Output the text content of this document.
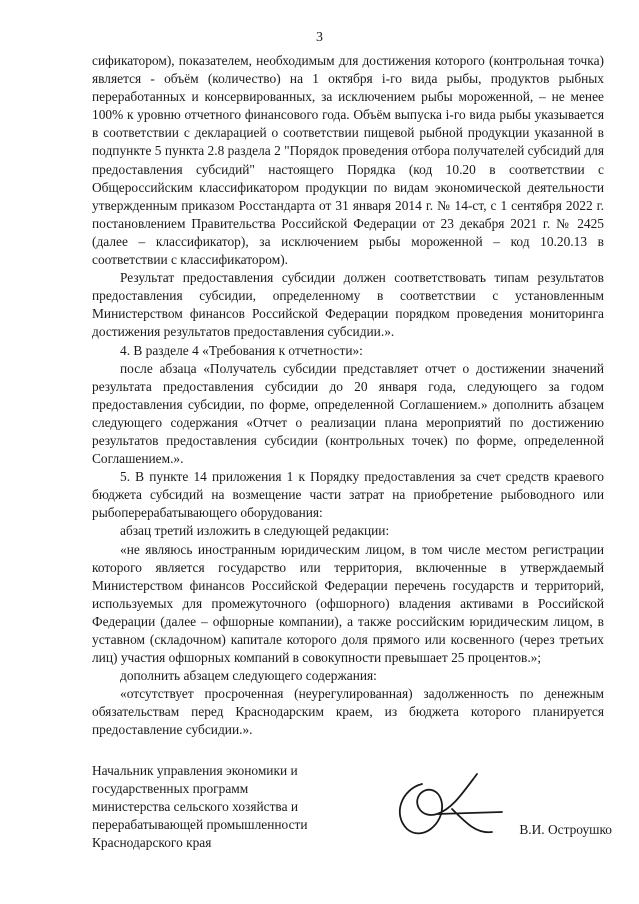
3

сификатором), показателем, необходимым для достижения которого (контрольная точка) является - объём (количество) на 1 октября i-го вида рыбы, продуктов рыбных переработанных и консервированных, за исключением рыбы мороженной, – не менее 100% к уровню отчетного финансового года. Объём выпуска i-го вида рыбы указывается в соответствии с декларацией о соответствии пищевой рыбной продукции указанной в подпункте 5 пункта 2.8 раздела 2 "Порядок проведения отбора получателей субсидий для предоставления субсидий" настоящего Порядка (код 10.20 в соответствии с Общероссийским классификатором продукции по видам экономической деятельности утвержденным приказом Росстандарта от 31 января 2014 г. № 14-ст, с 1 сентября 2022 г. постановлением Правительства Российской Федерации от 23 декабря 2021 г. № 2425 (далее – классификатор), за исключением рыбы мороженной – код 10.20.13 в соответствии с классификатором).

Результат предоставления субсидии должен соответствовать типам результатов предоставления субсидии, определенному в соответствии с установленным Министерством финансов Российской Федерации порядком проведения мониторинга достижения результатов предоставления субсидии.».

4. В разделе 4 «Требования к отчетности»:

после абзаца «Получатель субсидии представляет отчет о достижении значений результата предоставления субсидии до 20 января года, следующего за годом предоставления субсидии, по форме, определенной Соглашением.» дополнить абзацем следующего содержания «Отчет о реализации плана мероприятий по достижению результатов предоставления субсидии (контрольных точек) по форме, определенной Соглашением.».

5. В пункте 14 приложения 1 к Порядку предоставления за счет средств краевого бюджета субсидий на возмещение части затрат на приобретение рыбоводного или рыбоперерабатывающего оборудования:

абзац третий изложить в следующей редакции:

«не являюсь иностранным юридическим лицом, в том числе местом регистрации которого является государство или территория, включенные в утверждаемый Министерством финансов Российской Федерации перечень государств и территорий, используемых для промежуточного (офшорного) владения активами в Российской Федерации (далее – офшорные компании), а также российским юридическим лицом, в уставном (складочном) капитале которого доля прямого или косвенного (через третьих лиц) участия офшорных компаний в совокупности превышает 25 процентов.»;

дополнить абзацем следующего содержания:

«отсутствует просроченная (неурегулированная) задолженность по денежным обязательствам перед Краснодарским краем, из бюджета которого планируется предоставление субсидии.».

Начальник управления экономики и
государственных программ
министерства сельского хозяйства и
перерабатывающей промышленности
Краснодарского края
В.И. Остроушко
